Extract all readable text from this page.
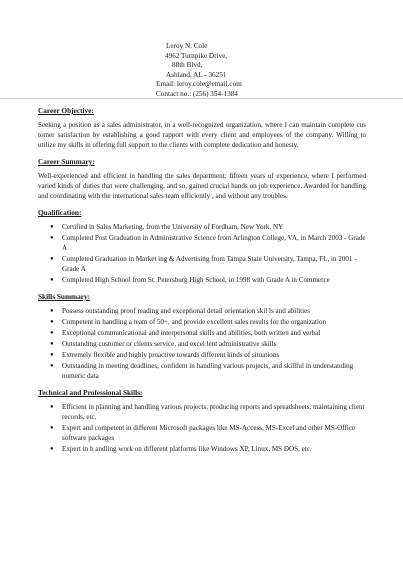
Leroy N. Cole
4962 Turnpike Drive,
88th Blvd,
Ashland, AL - 36251
Email: leroy.cole@email.com
Contact no.: (256) 354-1384
Career Objective:
Seeking a position as a sales administrator, in a well-recognized organization, where I can maintain complete cus tomer satisfaction by establishing a good rapport with every client and employees of the company. Willing to utilize my skills in offering full support to the clients with complete dedication and honesty.
Career Summary:
Well-experienced and efficient in handling the sales department; fifteen years of experience, where I performed varied kinds of duties that were challenging, and so, gained crucial hands on job experience. Awarded for handling and coordinating with the international sales team efficiently , and without any troubles.
Qualification:
● Certified in Sales Marketing, from the University of Fordham, New York, NY
● Completed Post Graduation in Administrative Science from Arlington College, VA, in March 2003 - Grade A
● Completed Graduation in Market ing & Advertising from Tampa State University, Tampa, FL, in 2001 - Grade A
● Completed High School from St. Petersburg High School, in 1998 with Grade A in Commerce
Skills Summary:
● Possess outstanding proof reading and exceptional detail orientation skil ls and abilities
● Competent in handling a team of 50+, and provide excellent sales results for the organization
● Exceptional communicational and interpersonal skills and abilities, both written and verbal
● Outstanding customer or clients service, and excel lent administrative skills
● Extremely flexible and highly proactive towards different kinds of situations
● Outstanding in meeting deadlines, confident in handling various projects, and skillful in understanding numeric data
Technical and Professional Skills:
● Efficient in planning and handling various projects, producing reports and spreadsheets, maintaining client records, etc.
● Expert and competent in different Microsoft packages like MS-Access, MS-Excel and other MS-Office software packages
● Expert in h andling work on different platforms like Windows XP, Linux, MS DOS, etc.
